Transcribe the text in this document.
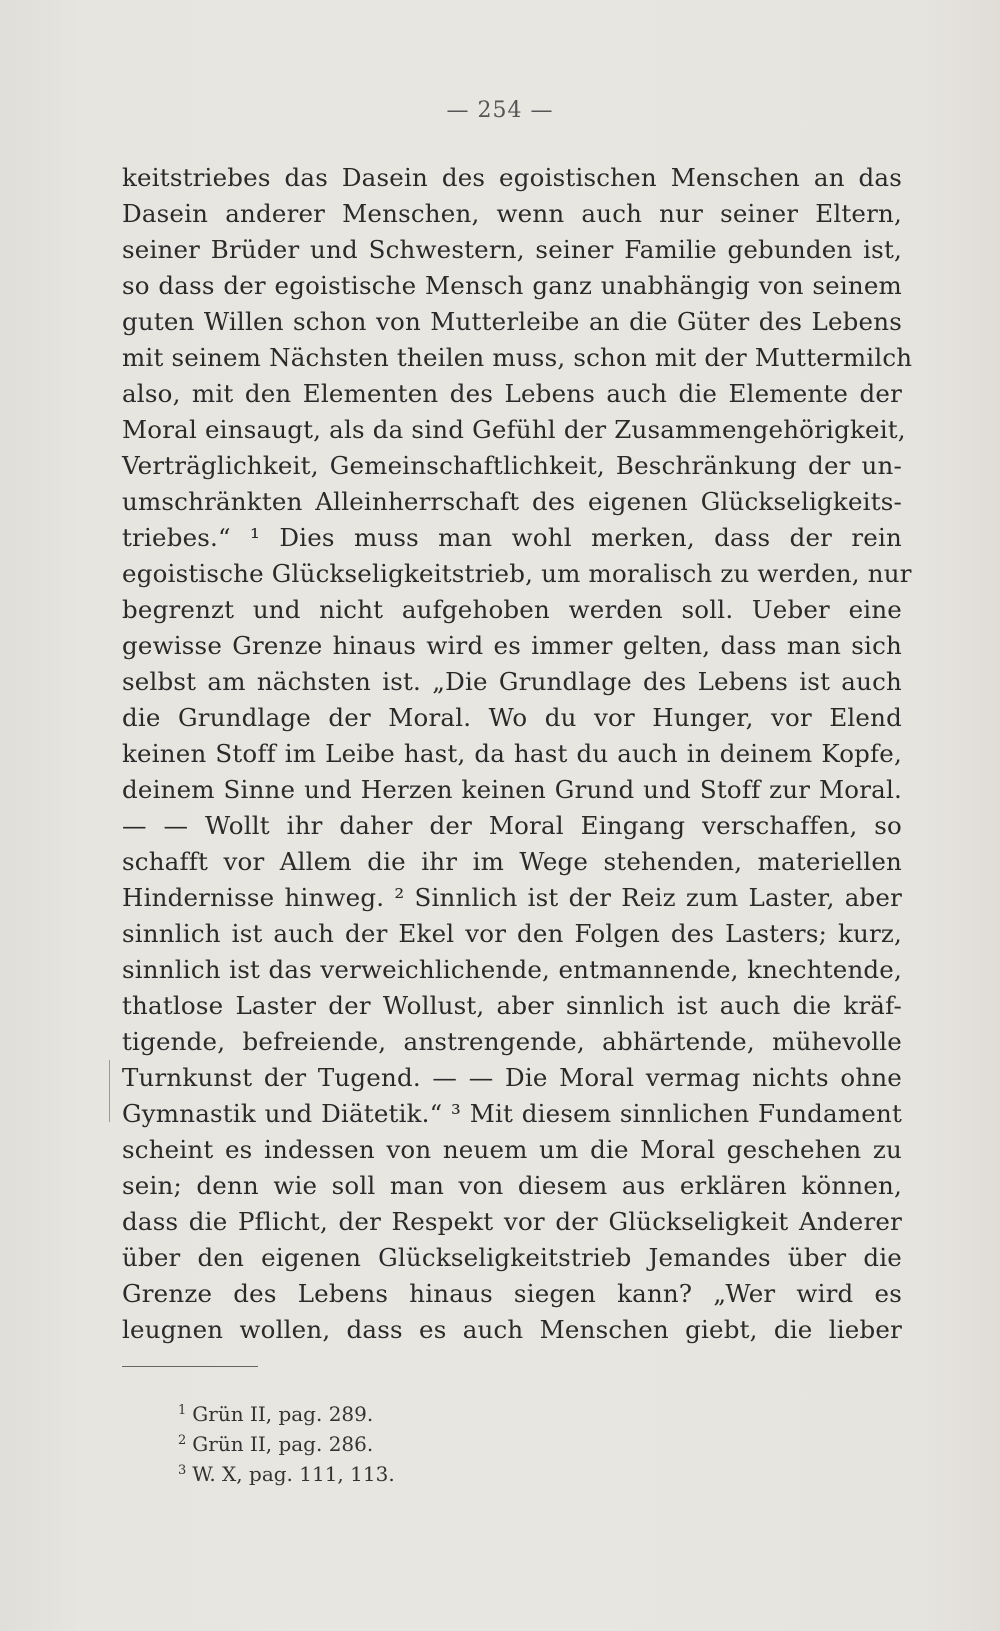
— 254 —
keitstriebes das Dasein des egoistischen Menschen an das
Dasein anderer Menschen, wenn auch nur seiner Eltern,
seiner Brüder und Schwestern, seiner Familie gebunden ist,
so dass der egoistische Mensch ganz unabhängig von seinem
guten Willen schon von Mutterleibe an die Güter des Lebens
mit seinem Nächsten theilen muss, schon mit der Muttermilch
also, mit den Elementen des Lebens auch die Elemente der
Moral einsaugt, als da sind Gefühl der Zusammengehörigkeit,
Verträglichkeit, Gemeinschaftlichkeit, Beschränkung der un-
umschränkten Alleinherrschaft des eigenen Glückseligkeits-
triebes.“ ¹ Dies muss man wohl merken, dass der rein
egoistische Glückseligkeitstrieb, um moralisch zu werden, nur
begrenzt und nicht aufgehoben werden soll. Ueber eine
gewisse Grenze hinaus wird es immer gelten, dass man sich
selbst am nächsten ist. „Die Grundlage des Lebens ist auch
die Grundlage der Moral. Wo du vor Hunger, vor Elend
keinen Stoff im Leibe hast, da hast du auch in deinem Kopfe,
deinem Sinne und Herzen keinen Grund und Stoff zur Moral.
— — Wollt ihr daher der Moral Eingang verschaffen, so
schafft vor Allem die ihr im Wege stehenden, materiellen
Hindernisse hinweg. ² Sinnlich ist der Reiz zum Laster, aber
sinnlich ist auch der Ekel vor den Folgen des Lasters; kurz,
sinnlich ist das verweichlichende, entmannende, knechtende,
thatlose Laster der Wollust, aber sinnlich ist auch die kräf-
tigende, befreiende, anstrengende, abhärtende, mühevolle
Turnkunst der Tugend. — — Die Moral vermag nichts ohne
Gymnastik und Diätetik.“ ³ Mit diesem sinnlichen Fundament
scheint es indessen von neuem um die Moral geschehen zu
sein; denn wie soll man von diesem aus erklären können,
dass die Pflicht, der Respekt vor der Glückseligkeit Anderer
über den eigenen Glückseligkeitstrieb Jemandes über die
Grenze des Lebens hinaus siegen kann? „Wer wird es
leugnen wollen, dass es auch Menschen giebt, die lieber
$^1$ Grün II, pag. 289.
$^2$ Grün II, pag. 286.
$^3$ W. X, pag. 111, 113.
